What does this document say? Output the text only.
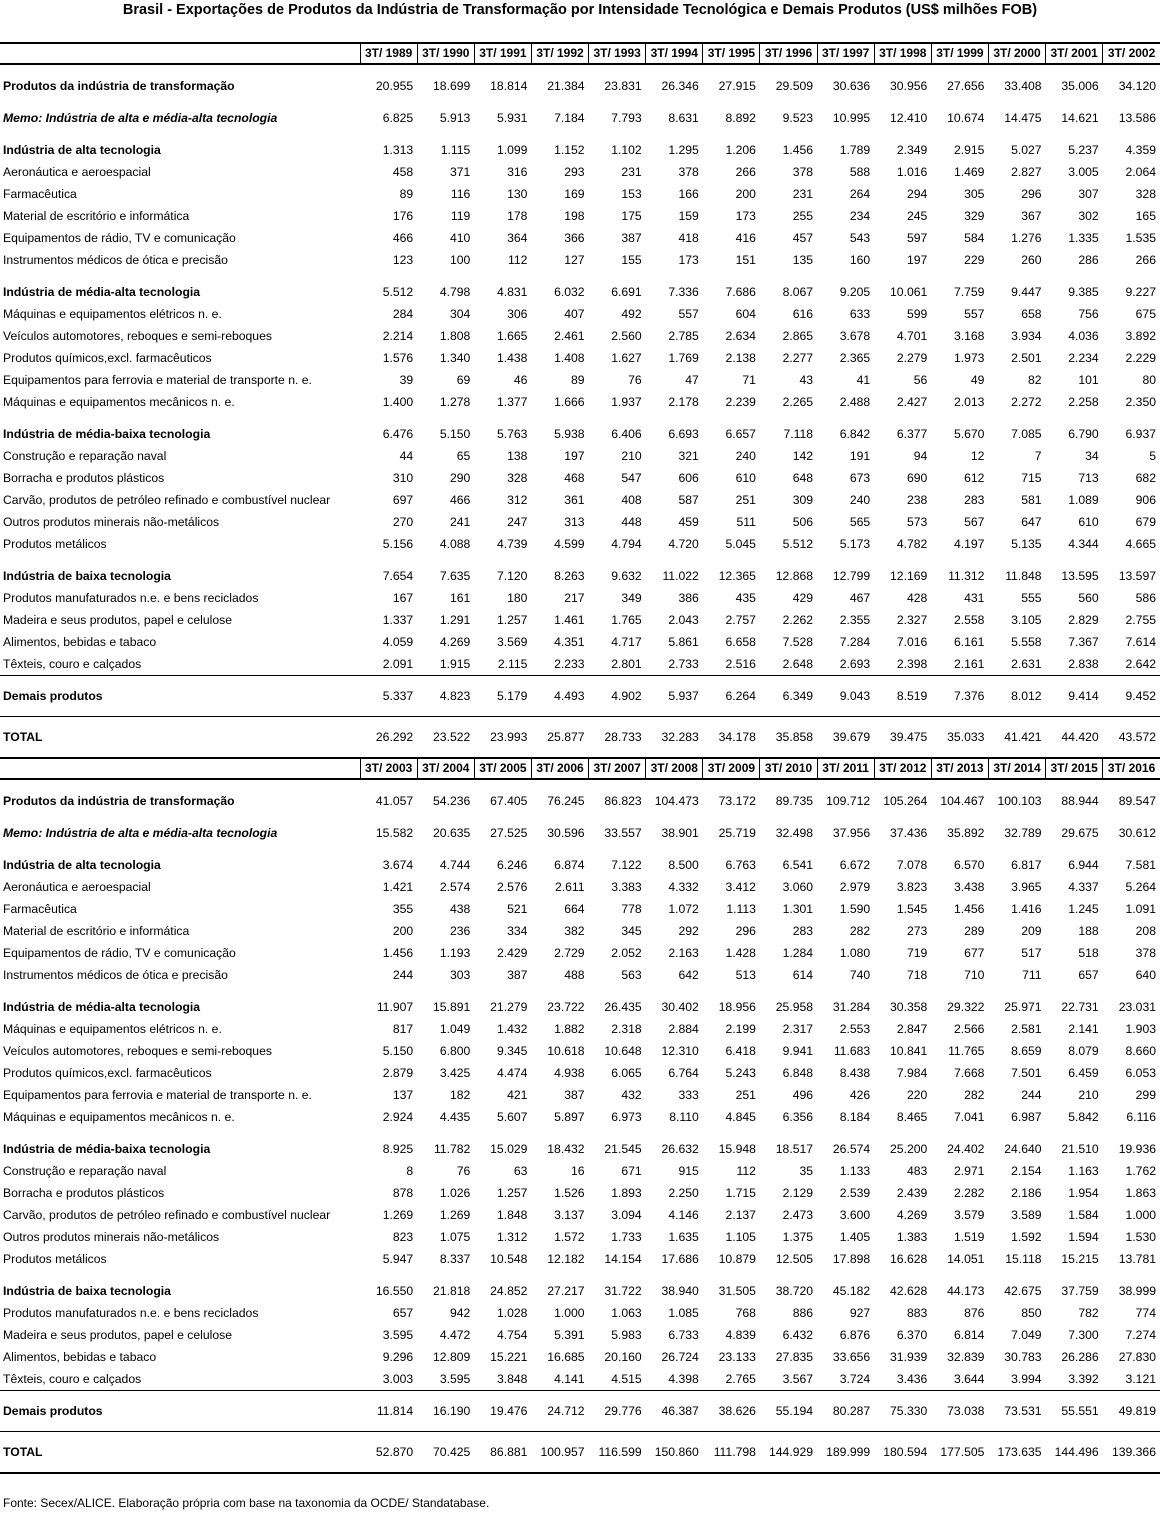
Brasil - Exportações de Produtos da Indústria de Transformação por Intensidade Tecnológica e Demais Produtos (US$ milhões FOB)
	3T/ 1989	3T/ 1990	3T/ 1991	3T/ 1992	3T/ 1993	3T/ 1994	3T/ 1995	3T/ 1996	3T/ 1997	3T/ 1998	3T/ 1999	3T/ 2000	3T/ 2001	3T/ 2002

Produtos da indústria de transformação	20.955	18.699	18.814	21.384	23.831	26.346	27.915	29.509	30.636	30.956	27.656	33.408	35.006	34.120

Memo: Indústria de alta e média-alta tecnologia	6.825	5.913	5.931	7.184	7.793	8.631	8.892	9.523	10.995	12.410	10.674	14.475	14.621	13.586

Indústria de alta tecnologia	1.313	1.115	1.099	1.152	1.102	1.295	1.206	1.456	1.789	2.349	2.915	5.027	5.237	4.359
Aeronáutica e aeroespacial	458	371	316	293	231	378	266	378	588	1.016	1.469	2.827	3.005	2.064
Farmacêutica	89	116	130	169	153	166	200	231	264	294	305	296	307	328
Material de escritório e informática	176	119	178	198	175	159	173	255	234	245	329	367	302	165
Equipamentos de rádio, TV e comunicação	466	410	364	366	387	418	416	457	543	597	584	1.276	1.335	1.535
Instrumentos médicos de ótica e precisão	123	100	112	127	155	173	151	135	160	197	229	260	286	266

Indústria de média-alta tecnologia	5.512	4.798	4.831	6.032	6.691	7.336	7.686	8.067	9.205	10.061	7.759	9.447	9.385	9.227
Máquinas e equipamentos elétricos n. e.	284	304	306	407	492	557	604	616	633	599	557	658	756	675
Veículos automotores, reboques e semi-reboques	2.214	1.808	1.665	2.461	2.560	2.785	2.634	2.865	3.678	4.701	3.168	3.934	4.036	3.892
Produtos químicos,excl. farmacêuticos	1.576	1.340	1.438	1.408	1.627	1.769	2.138	2.277	2.365	2.279	1.973	2.501	2.234	2.229
Equipamentos para ferrovia e material de transporte n. e.	39	69	46	89	76	47	71	43	41	56	49	82	101	80
Máquinas e equipamentos mecânicos n. e.	1.400	1.278	1.377	1.666	1.937	2.178	2.239	2.265	2.488	2.427	2.013	2.272	2.258	2.350

Indústria de média-baixa tecnologia	6.476	5.150	5.763	5.938	6.406	6.693	6.657	7.118	6.842	6.377	5.670	7.085	6.790	6.937
Construção e reparação naval	44	65	138	197	210	321	240	142	191	94	12	7	34	5
Borracha e produtos plásticos	310	290	328	468	547	606	610	648	673	690	612	715	713	682
Carvão, produtos de petróleo refinado e combustível nuclear	697	466	312	361	408	587	251	309	240	238	283	581	1.089	906
Outros produtos minerais não-metálicos	270	241	247	313	448	459	511	506	565	573	567	647	610	679
Produtos metálicos	5.156	4.088	4.739	4.599	4.794	4.720	5.045	5.512	5.173	4.782	4.197	5.135	4.344	4.665

Indústria de baixa tecnologia	7.654	7.635	7.120	8.263	9.632	11.022	12.365	12.868	12.799	12.169	11.312	11.848	13.595	13.597
Produtos manufaturados n.e. e bens reciclados	167	161	180	217	349	386	435	429	467	428	431	555	560	586
Madeira e seus produtos, papel e celulose	1.337	1.291	1.257	1.461	1.765	2.043	2.757	2.262	2.355	2.327	2.558	3.105	2.829	2.755
Alimentos, bebidas e tabaco	4.059	4.269	3.569	4.351	4.717	5.861	6.658	7.528	7.284	7.016	6.161	5.558	7.367	7.614
Têxteis, couro e calçados	2.091	1.915	2.115	2.233	2.801	2.733	2.516	2.648	2.693	2.398	2.161	2.631	2.838	2.642
Demais produtos	5.337	4.823	5.179	4.493	4.902	5.937	6.264	6.349	9.043	8.519	7.376	8.012	9.414	9.452
TOTAL	26.292	23.522	23.993	25.877	28.733	32.283	34.178	35.858	39.679	39.475	35.033	41.421	44.420	43.572
	3T/ 2003	3T/ 2004	3T/ 2005	3T/ 2006	3T/ 2007	3T/ 2008	3T/ 2009	3T/ 2010	3T/ 2011	3T/ 2012	3T/ 2013	3T/ 2014	3T/ 2015	3T/ 2016

Produtos da indústria de transformação	41.057	54.236	67.405	76.245	86.823	104.473	73.172	89.735	109.712	105.264	104.467	100.103	88.944	89.547

Memo: Indústria de alta e média-alta tecnologia	15.582	20.635	27.525	30.596	33.557	38.901	25.719	32.498	37.956	37.436	35.892	32.789	29.675	30.612

Indústria de alta tecnologia	3.674	4.744	6.246	6.874	7.122	8.500	6.763	6.541	6.672	7.078	6.570	6.817	6.944	7.581
Aeronáutica e aeroespacial	1.421	2.574	2.576	2.611	3.383	4.332	3.412	3.060	2.979	3.823	3.438	3.965	4.337	5.264
Farmacêutica	355	438	521	664	778	1.072	1.113	1.301	1.590	1.545	1.456	1.416	1.245	1.091
Material de escritório e informática	200	236	334	382	345	292	296	283	282	273	289	209	188	208
Equipamentos de rádio, TV e comunicação	1.456	1.193	2.429	2.729	2.052	2.163	1.428	1.284	1.080	719	677	517	518	378
Instrumentos médicos de ótica e precisão	244	303	387	488	563	642	513	614	740	718	710	711	657	640

Indústria de média-alta tecnologia	11.907	15.891	21.279	23.722	26.435	30.402	18.956	25.958	31.284	30.358	29.322	25.971	22.731	23.031
Máquinas e equipamentos elétricos n. e.	817	1.049	1.432	1.882	2.318	2.884	2.199	2.317	2.553	2.847	2.566	2.581	2.141	1.903
Veículos automotores, reboques e semi-reboques	5.150	6.800	9.345	10.618	10.648	12.310	6.418	9.941	11.683	10.841	11.765	8.659	8.079	8.660
Produtos químicos,excl. farmacêuticos	2.879	3.425	4.474	4.938	6.065	6.764	5.243	6.848	8.438	7.984	7.668	7.501	6.459	6.053
Equipamentos para ferrovia e material de transporte n. e.	137	182	421	387	432	333	251	496	426	220	282	244	210	299
Máquinas e equipamentos mecânicos n. e.	2.924	4.435	5.607	5.897	6.973	8.110	4.845	6.356	8.184	8.465	7.041	6.987	5.842	6.116

Indústria de média-baixa tecnologia	8.925	11.782	15.029	18.432	21.545	26.632	15.948	18.517	26.574	25.200	24.402	24.640	21.510	19.936
Construção e reparação naval	8	76	63	16	671	915	112	35	1.133	483	2.971	2.154	1.163	1.762
Borracha e produtos plásticos	878	1.026	1.257	1.526	1.893	2.250	1.715	2.129	2.539	2.439	2.282	2.186	1.954	1.863
Carvão, produtos de petróleo refinado e combustível nuclear	1.269	1.269	1.848	3.137	3.094	4.146	2.137	2.473	3.600	4.269	3.579	3.589	1.584	1.000
Outros produtos minerais não-metálicos	823	1.075	1.312	1.572	1.733	1.635	1.105	1.375	1.405	1.383	1.519	1.592	1.594	1.530
Produtos metálicos	5.947	8.337	10.548	12.182	14.154	17.686	10.879	12.505	17.898	16.628	14.051	15.118	15.215	13.781

Indústria de baixa tecnologia	16.550	21.818	24.852	27.217	31.722	38.940	31.505	38.720	45.182	42.628	44.173	42.675	37.759	38.999
Produtos manufaturados n.e. e bens reciclados	657	942	1.028	1.000	1.063	1.085	768	886	927	883	876	850	782	774
Madeira e seus produtos, papel e celulose	3.595	4.472	4.754	5.391	5.983	6.733	4.839	6.432	6.876	6.370	6.814	7.049	7.300	7.274
Alimentos, bebidas e tabaco	9.296	12.809	15.221	16.685	20.160	26.724	23.133	27.835	33.656	31.939	32.839	30.783	26.286	27.830
Têxteis, couro e calçados	3.003	3.595	3.848	4.141	4.515	4.398	2.765	3.567	3.724	3.436	3.644	3.994	3.392	3.121
Demais produtos	11.814	16.190	19.476	24.712	29.776	46.387	38.626	55.194	80.287	75.330	73.038	73.531	55.551	49.819
TOTAL	52.870	70.425	86.881	100.957	116.599	150.860	111.798	144.929	189.999	180.594	177.505	173.635	144.496	139.366
Fonte: Secex/ALICE. Elaboração própria com base na taxonomia da OCDE/ Standatabase.
